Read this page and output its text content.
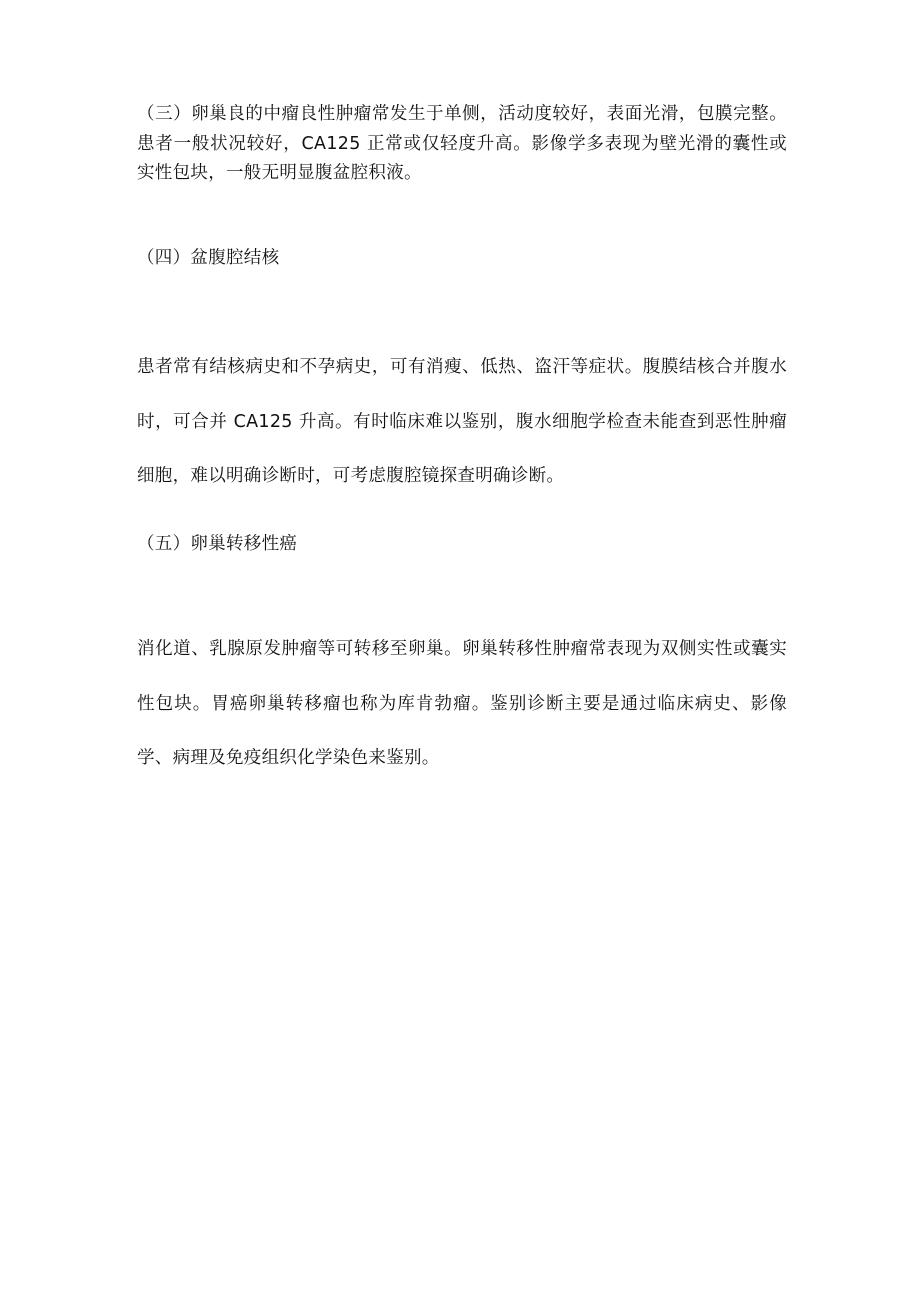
（三）卵巢良的中瘤良性肿瘤常发生于单侧，活动度较好，表面光滑，包膜完整。患者一般状况较好，CA125 正常或仅轻度升高。影像学多表现为壁光滑的囊性或实性包块，一般无明显腹盆腔积液。

（四）盆腹腔结核

患者常有结核病史和不孕病史，可有消瘦、低热、盗汗等症状。腹膜结核合并腹水时，可合并 CA125 升高。有时临床难以鉴别，腹水细胞学检查未能查到恶性肿瘤细胞，难以明确诊断时，可考虑腹腔镜探查明确诊断。

（五）卵巢转移性癌

消化道、乳腺原发肿瘤等可转移至卵巢。卵巢转移性肿瘤常表现为双侧实性或囊实性包块。胃癌卵巢转移瘤也称为库肯勃瘤。鉴别诊断主要是通过临床病史、影像学、病理及免疫组织化学染色来鉴别。
